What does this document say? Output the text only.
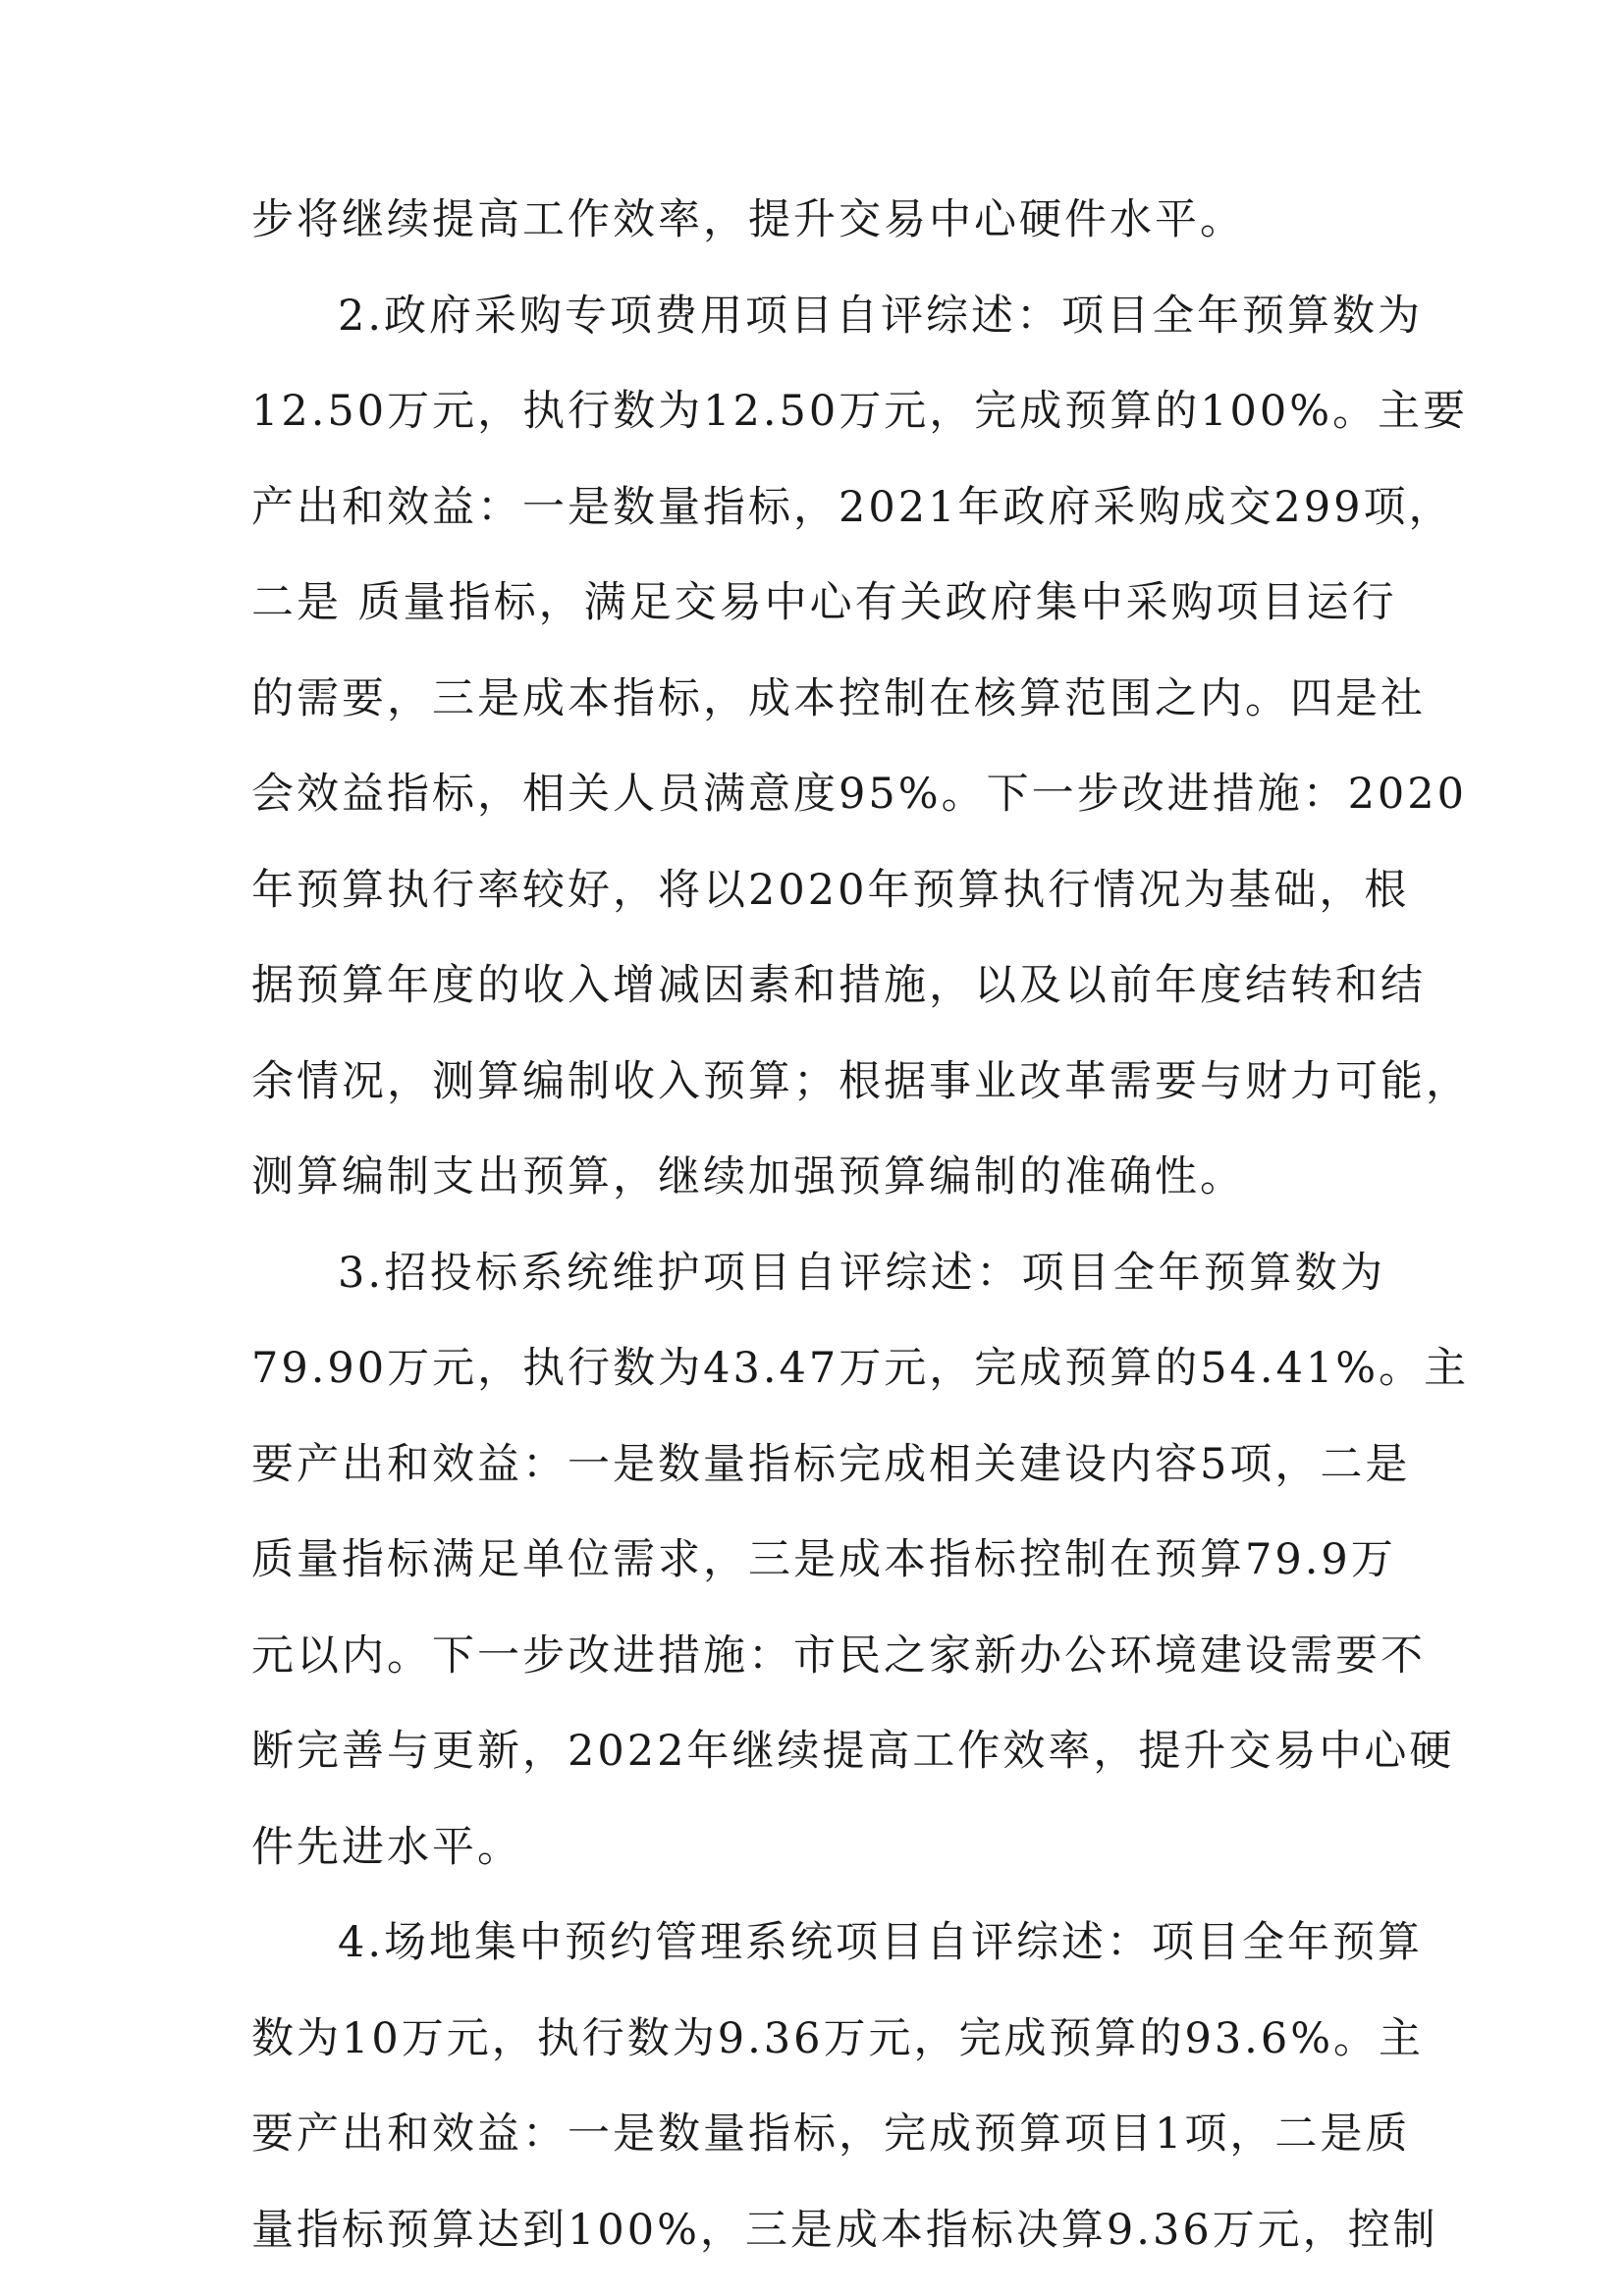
步将继续提高工作效率，提升交易中心硬件水平。
2.政府采购专项费用项目自评综述：项目全年预算数为
12.50万元，执行数为12.50万元，完成预算的100%。主要
产出和效益：一是数量指标，2021年政府采购成交299项，
二是 质量指标，满足交易中心有关政府集中采购项目运行
的需要，三是成本指标，成本控制在核算范围之内。四是社
会效益指标，相关人员满意度95%。下一步改进措施：2020
年预算执行率较好，将以2020年预算执行情况为基础，根
据预算年度的收入增减因素和措施，以及以前年度结转和结
余情况，测算编制收入预算；根据事业改革需要与财力可能，
测算编制支出预算，继续加强预算编制的准确性。
3.招投标系统维护项目自评综述：项目全年预算数为
79.90万元，执行数为43.47万元，完成预算的54.41%。主
要产出和效益：一是数量指标完成相关建设内容5项，二是
质量指标满足单位需求，三是成本指标控制在预算79.9万
元以内。下一步改进措施：市民之家新办公环境建设需要不
断完善与更新，2022年继续提高工作效率，提升交易中心硬
件先进水平。
4.场地集中预约管理系统项目自评综述：项目全年预算
数为10万元，执行数为9.36万元，完成预算的93.6%。主
要产出和效益：一是数量指标，完成预算项目1项，二是质
量指标预算达到100%，三是成本指标决算9.36万元，控制
